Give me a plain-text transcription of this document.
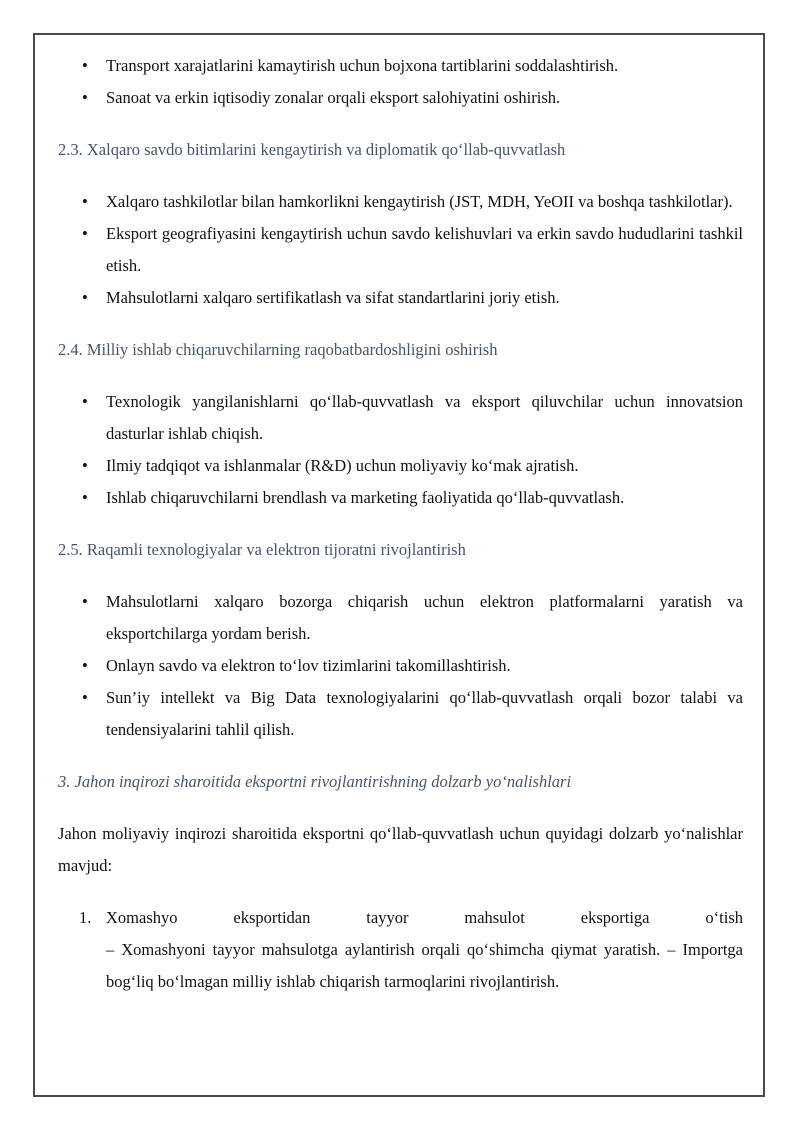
• Transport xarajatlarini kamaytirish uchun bojxona tartiblarini soddalashtirish.
• Sanoat va erkin iqtisodiy zonalar orqali eksport salohiyatini oshirish.
2.3. Xalqaro savdo bitimlarini kengaytirish va diplomatik qo‘llab-quvvatlash
• Xalqaro tashkilotlar bilan hamkorlikni kengaytirish (JST, MDH, YeOII va boshqa tashkilotlar).
• Eksport geografiyasini kengaytirish uchun savdo kelishuvlari va erkin savdo hududlarini tashkil etish.
• Mahsulotlarni xalqaro sertifikatlash va sifat standartlarini joriy etish.
2.4. Milliy ishlab chiqaruvchilarning raqobatbardoshligini oshirish
• Texnologik yangilanishlarni qo‘llab-quvvatlash va eksport qiluvchilar uchun innovatsion dasturlar ishlab chiqish.
• Ilmiy tadqiqot va ishlanmalar (R&D) uchun moliyaviy ko‘mak ajratish.
• Ishlab chiqaruvchilarni brendlash va marketing faoliyatida qo‘llab-quvvatlash.
2.5. Raqamli texnologiyalar va elektron tijoratni rivojlantirish
• Mahsulotlarni xalqaro bozorga chiqarish uchun elektron platformalarni yaratish va eksportchilarga yordam berish.
• Onlayn savdo va elektron to‘lov tizimlarini takomillashtirish.
• Sun’iy intellekt va Big Data texnologiyalarini qo‘llab-quvvatlash orqali bozor talabi va tendensiyalarini tahlil qilish.
3. Jahon inqirozi sharoitida eksportni rivojlantirishning dolzarb yo‘nalishlari
Jahon moliyaviy inqirozi sharoitida eksportni qo‘llab-quvvatlash uchun quyidagi dolzarb yo‘nalishlar mavjud:
1. Xomashyo eksportidan tayyor mahsulot eksportiga o‘tish
– Xomashyoni tayyor mahsulotga aylantirish orqali qo‘shimcha qiymat yaratish. – Importga bog‘liq bo‘lmagan milliy ishlab chiqarish tarmoqlarini rivojlantirish.
